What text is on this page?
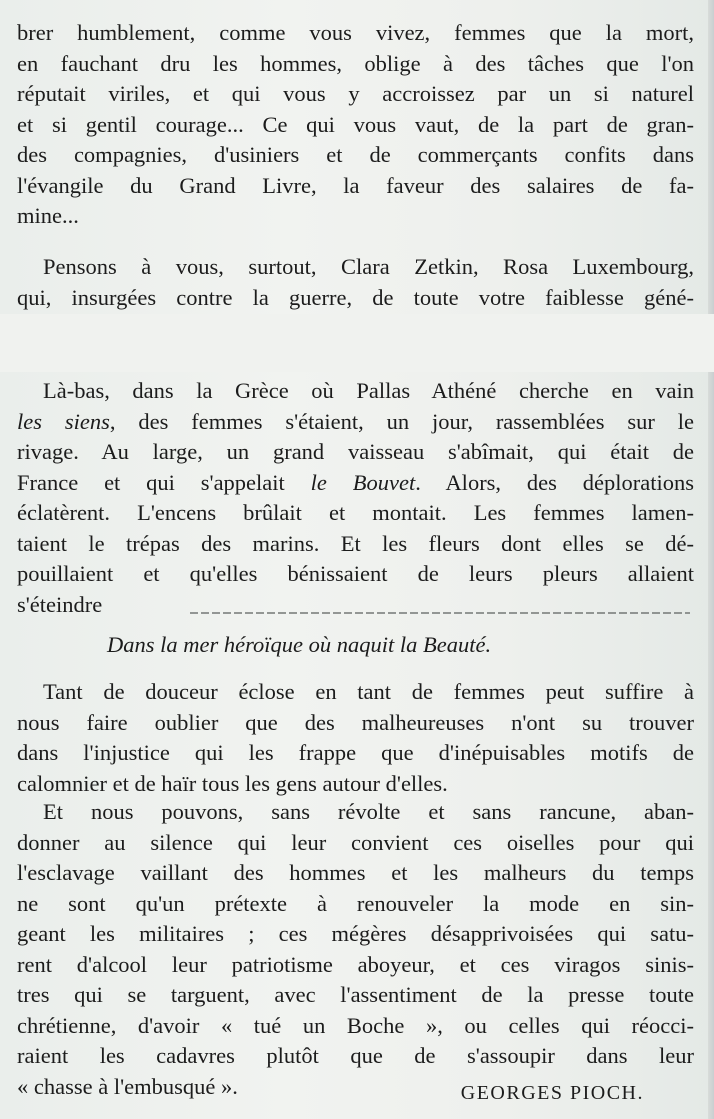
brer humblement, comme vous vivez, femmes que la mort,
en fauchant dru les hommes, oblige à des tâches que l'on
réputait viriles, et qui vous y accroissez par un si naturel
et si gentil courage... Ce qui vous vaut, de la part de gran-
des compagnies, d'usiniers et de commerçants confits dans
l'évangile du Grand Livre, la faveur des salaires de fa-
mine...
Pensons à vous, surtout, Clara Zetkin, Rosa Luxembourg,
qui, insurgées contre la guerre, de toute votre faiblesse géné-
Là-bas, dans la Grèce où Pallas Athéné cherche en vain
les siens, des femmes s'étaient, un jour, rassemblées sur le
rivage. Au large, un grand vaisseau s'abîmait, qui était de
France et qui s'appelait le Bouvet. Alors, des déplorations
éclatèrent. L'encens brûlait et montait. Les femmes lamen-
taient le trépas des marins. Et les fleurs dont elles se dé-
pouillaient et qu'elles bénissaient de leurs pleurs allaient
s'éteindre
Dans la mer héroïque où naquit la Beauté.
Tant de douceur éclose en tant de femmes peut suffire à
nous faire oublier que des malheureuses n'ont su trouver
dans l'injustice qui les frappe que d'inépuisables motifs de
calomnier et de haïr tous les gens autour d'elles.
Et nous pouvons, sans révolte et sans rancune, aban-
donner au silence qui leur convient ces oiselles pour qui
l'esclavage vaillant des hommes et les malheurs du temps
ne sont qu'un prétexte à renouveler la mode en sin-
geant les militaires ; ces mégères désapprivoisées qui satu-
rent d'alcool leur patriotisme aboyeur, et ces viragos sinis-
tres qui se targuent, avec l'assentiment de la presse toute
chrétienne, d'avoir « tué un Boche », ou celles qui réocci-
raient les cadavres plutôt que de s'assoupir dans leur
« chasse à l'embusqué ».	GEORGES PIOCH.
